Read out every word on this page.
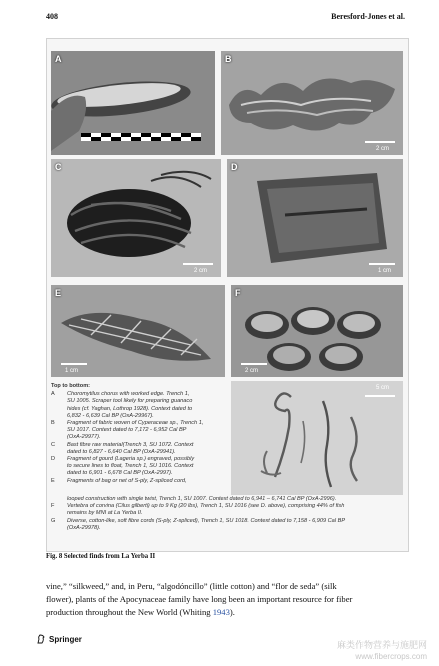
408	Beresford-Jones et al.
A	B
2 cm
C
2 cm
D
1 cm
E
1 cm
F
2 cm
5 cm
Top to bottom:
A	Choromytilus chorus with worked edge. Trench 1,
SU 1005. Scraper tool likely for preparing guanaco
hides (cf. Yaghan, Lothrop 1928). Context dated to
6,832 - 6,639 Cal BP (OxA-29967).
B	Fragment of fabric woven of Cyperaceae sp., Trench 1,
SU 1017. Context dated to 7,172 - 6,952 Cal BP
(OxA-29977).
C	Bast fibre raw material(Trench 3, SU 1072. Context
dated to 6,827 - 6,640 Cal BP (OxA-29941).
D	Fragment of gourd (Lageria sp.) engraved, possibly
to secure lines to float, Trench 1, SU 1016. Context
dated to 6,901 - 6,678 Cal BP (OxA-2997).
E	Fragments of bag or net of S-ply, Z-spliced cord,
looped construction with single twist, Trench 1, SU 1007. Context dated to 6,941 – 6,741 Cal BP (OxA-2996).
F Vertebra of corvina (Cilus gilberti) up to 9 Kg (20 lbs), Trench 1, SU 1016 (see D. above), comprising 44% of fish
remains by MNI at La Yerba II.
G Diverse, cotton-like, soft fibre cords (S-ply, Z-spliced), Trench 1, SU 1018. Context dated to 7,158 - 6,909 Cal BP
(OxA-29978).
Fig. 8 Selected finds from La Yerba II
vine,” “silkweed,” and, in Peru, “algodóncillo” (little cotton) and “flor de seda” (silk
flower), plants of the Apocynaceae family have long been an important resource for fiber
production throughout the New World (Whiting 1943).
Springer
麻类作物营养与施肥网
www.fibercrops.com
